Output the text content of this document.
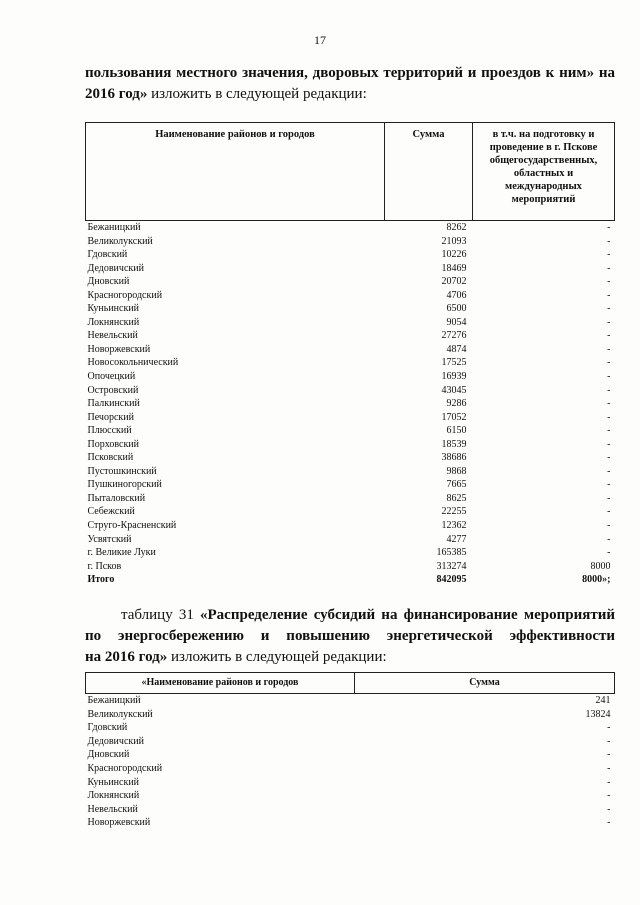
17
пользования местного значения, дворовых территорий и проездов к ним» на
2016 год» изложить в следующей редакции:
Наименование районов и городов	Сумма	в т.ч. на подготовку и проведение в г. Пскове общегосударственных, областных и международных мероприятий
Бежаницкий	8262	-
Великолукский	21093	-
Гдовский	10226	-
Дедовичский	18469	-
Дновский	20702	-
Красногородский	4706	-
Куньинский	6500	-
Локнянский	9054	-
Невельский	27276	-
Новоржевский	4874	-
Новосокольнический	17525	-
Опочецкий	16939	-
Островский	43045	-
Палкинский	9286	-
Печорский	17052	-
Плюсский	6150	-
Порховский	18539	-
Псковский	38686	-
Пустошкинский	9868	-
Пушкиногорский	7665	-
Пыталовский	8625	-
Себежский	22255	-
Струго-Красненский	12362	-
Усвятский	4277	-
г. Великие Луки	165385	-
г. Псков	313274	8000
Итого	842095	8000»;
таблицу 31 «Распределение субсидий на финансирование мероприятий
по энергосбережению и повышению энергетической эффективности
на 2016 год» изложить в следующей редакции:
«Наименование районов и городов	Сумма
Бежаницкий	241
Великолукский	13824
Гдовский	-
Дедовичский	-
Дновский	-
Красногородский	-
Куньинский	-
Локнянский	-
Невельский	-
Новоржевский	-
